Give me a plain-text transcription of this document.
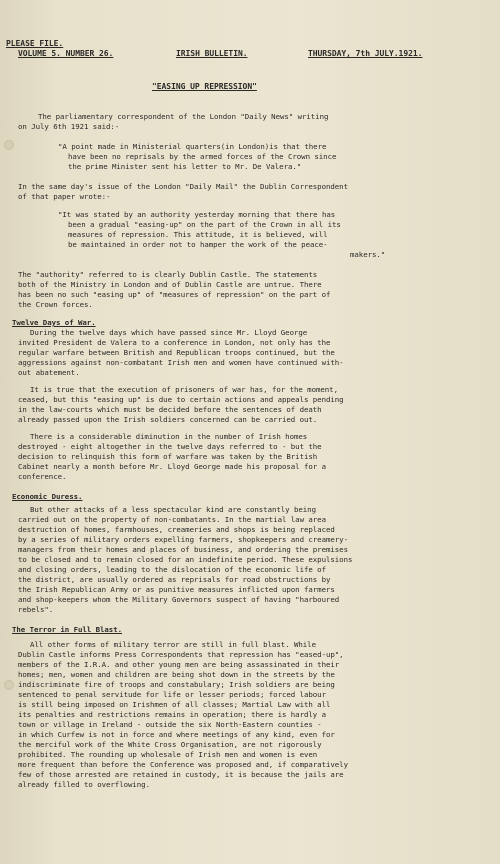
PLEASE FILE.
VOLUME 5. NUMBER 26.	IRISH BULLETIN.	THURSDAY, 7th JULY.1921.
"EASING UP REPRESSION"
The parliamentary correspondent of the London "Daily News" writing
on July 6th 1921 said:-
"A point made in Ministerial quarters(in London)is that there
have been no reprisals by the armed forces of the Crown since
the prime Minister sent his letter to Mr. De Valera."
In the same day's issue of the London "Daily Mail" the Dublin Correspondent
of that paper wrote:-
"It was stated by an authority yesterday morning that there has
been a gradual "easing-up" on the part of the Crown in all its
measures of repression. This attitude, it is believed, will
be maintained in order not to hamper the work of the peace-
makers."
The "authority" referred to is clearly Dublin Castle. The statements
both of the Ministry in London and of Dublin Castle are untrue. There
has been no such "easing up" of "measures of repression" on the part of
the Crown forces.
Twelve Days of War.
During the twelve days which have passed since Mr. Lloyd George
invited President de Valera to a conference in London, not only has the
regular warfare between British and Republican troops continued, but the
aggressions against non-combatant Irish men and women have continued with-
out abatement.
It is true that the execution of prisoners of war has, for the moment,
ceased, but this "easing up" is due to certain actions and appeals pending
in the law-courts which must be decided before the sentences of death
already passed upon the Irish soldiers concerned can be carried out.
There is a considerable diminution in the number of Irish homes
destroyed - eight altogether in the twelve days referred to - but the
decision to relinquish this form of warfare was taken by the British
Cabinet nearly a month before Mr. Lloyd George made his proposal for a
conference.
Economic Duress.
But other attacks of a less spectacular kind are constantly being
carried out on the property of non-combatants. In the martial law area
destruction of homes, farmhouses, creameries and shops is being replaced
by a series of military orders expelling farmers, shopkeepers and creamery-
managers from their homes and places of business, and ordering the premises
to be closed and to remain closed for an indefinite period. These expulsions
and closing orders, leading to the dislocation of the economic life of
the district, are usually ordered as reprisals for road obstructions by
the Irish Republican Army or as punitive measures inflicted upon farmers
and shop-keepers whom the Military Governors suspect of having "harboured
rebels".
The Terror in Full Blast.
All other forms of military terror are still in full blast. While
Dublin Castle informs Press Correspondents that repression has "eased-up",
members of the I.R.A. and other young men are being assassinated in their
homes; men, women and children are being shot down in the streets by the
indiscriminate fire of troops and constabulary; Irish soldiers are being
sentenced to penal servitude for life or lesser periods; forced labour
is still being imposed on Irishmen of all classes; Martial Law with all
its penalties and restrictions remains in operation; there is hardly a
town or village in Ireland - outside the six North-Eastern counties -
in which Curfew is not in force and where meetings of any kind, even for
the merciful work of the White Cross Organisation, are not rigorously
prohibited. The rounding up wholesale of Irish men and women is even
more frequent than before the Conference was proposed and, if comparatively
few of those arrested are retained in custody, it is because the jails are
already filled to overflowing.
